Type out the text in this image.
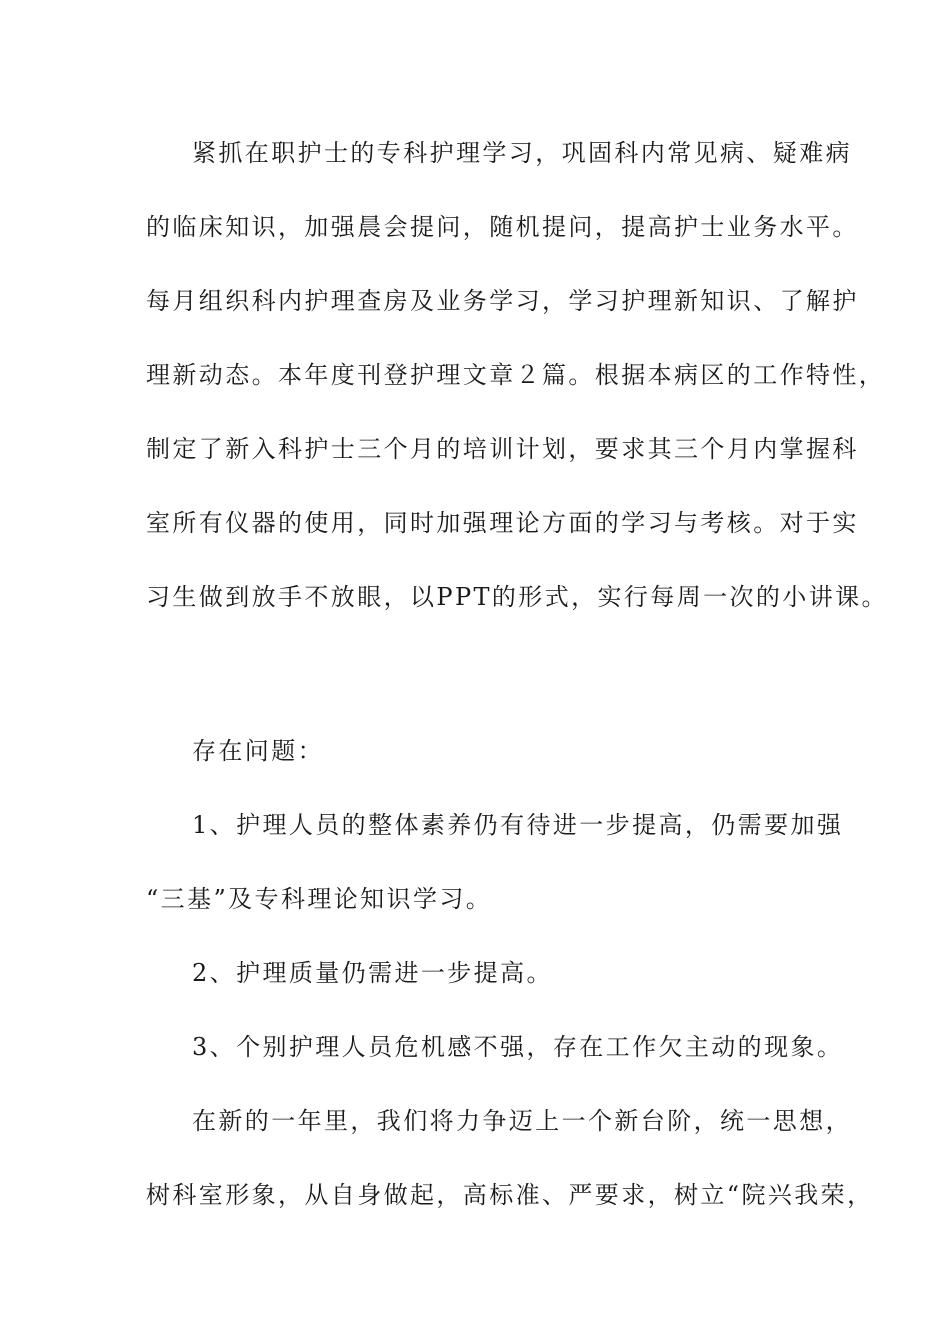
紧抓在职护士的专科护理学习，巩固科内常见病、疑难病
的临床知识，加强晨会提问，随机提问，提高护士业务水平。
每月组织科内护理查房及业务学习，学习护理新知识、了解护
理新动态。本年度刊登护理文章２篇。根据本病区的工作特性，
制定了新入科护士三个月的培训计划，要求其三个月内掌握科
室所有仪器的使用，同时加强理论方面的学习与考核。对于实
习生做到放手不放眼，以PPT的形式，实行每周一次的小讲课。
存在问题：
1、护理人员的整体素养仍有待进一步提高，仍需要加强
“三基”及专科理论知识学习。
2、护理质量仍需进一步提高。
3、个别护理人员危机感不强，存在工作欠主动的现象。
在新的一年里，我们将力争迈上一个新台阶，统一思想，
树科室形象，从自身做起，高标准、严要求，树立“院兴我荣，
